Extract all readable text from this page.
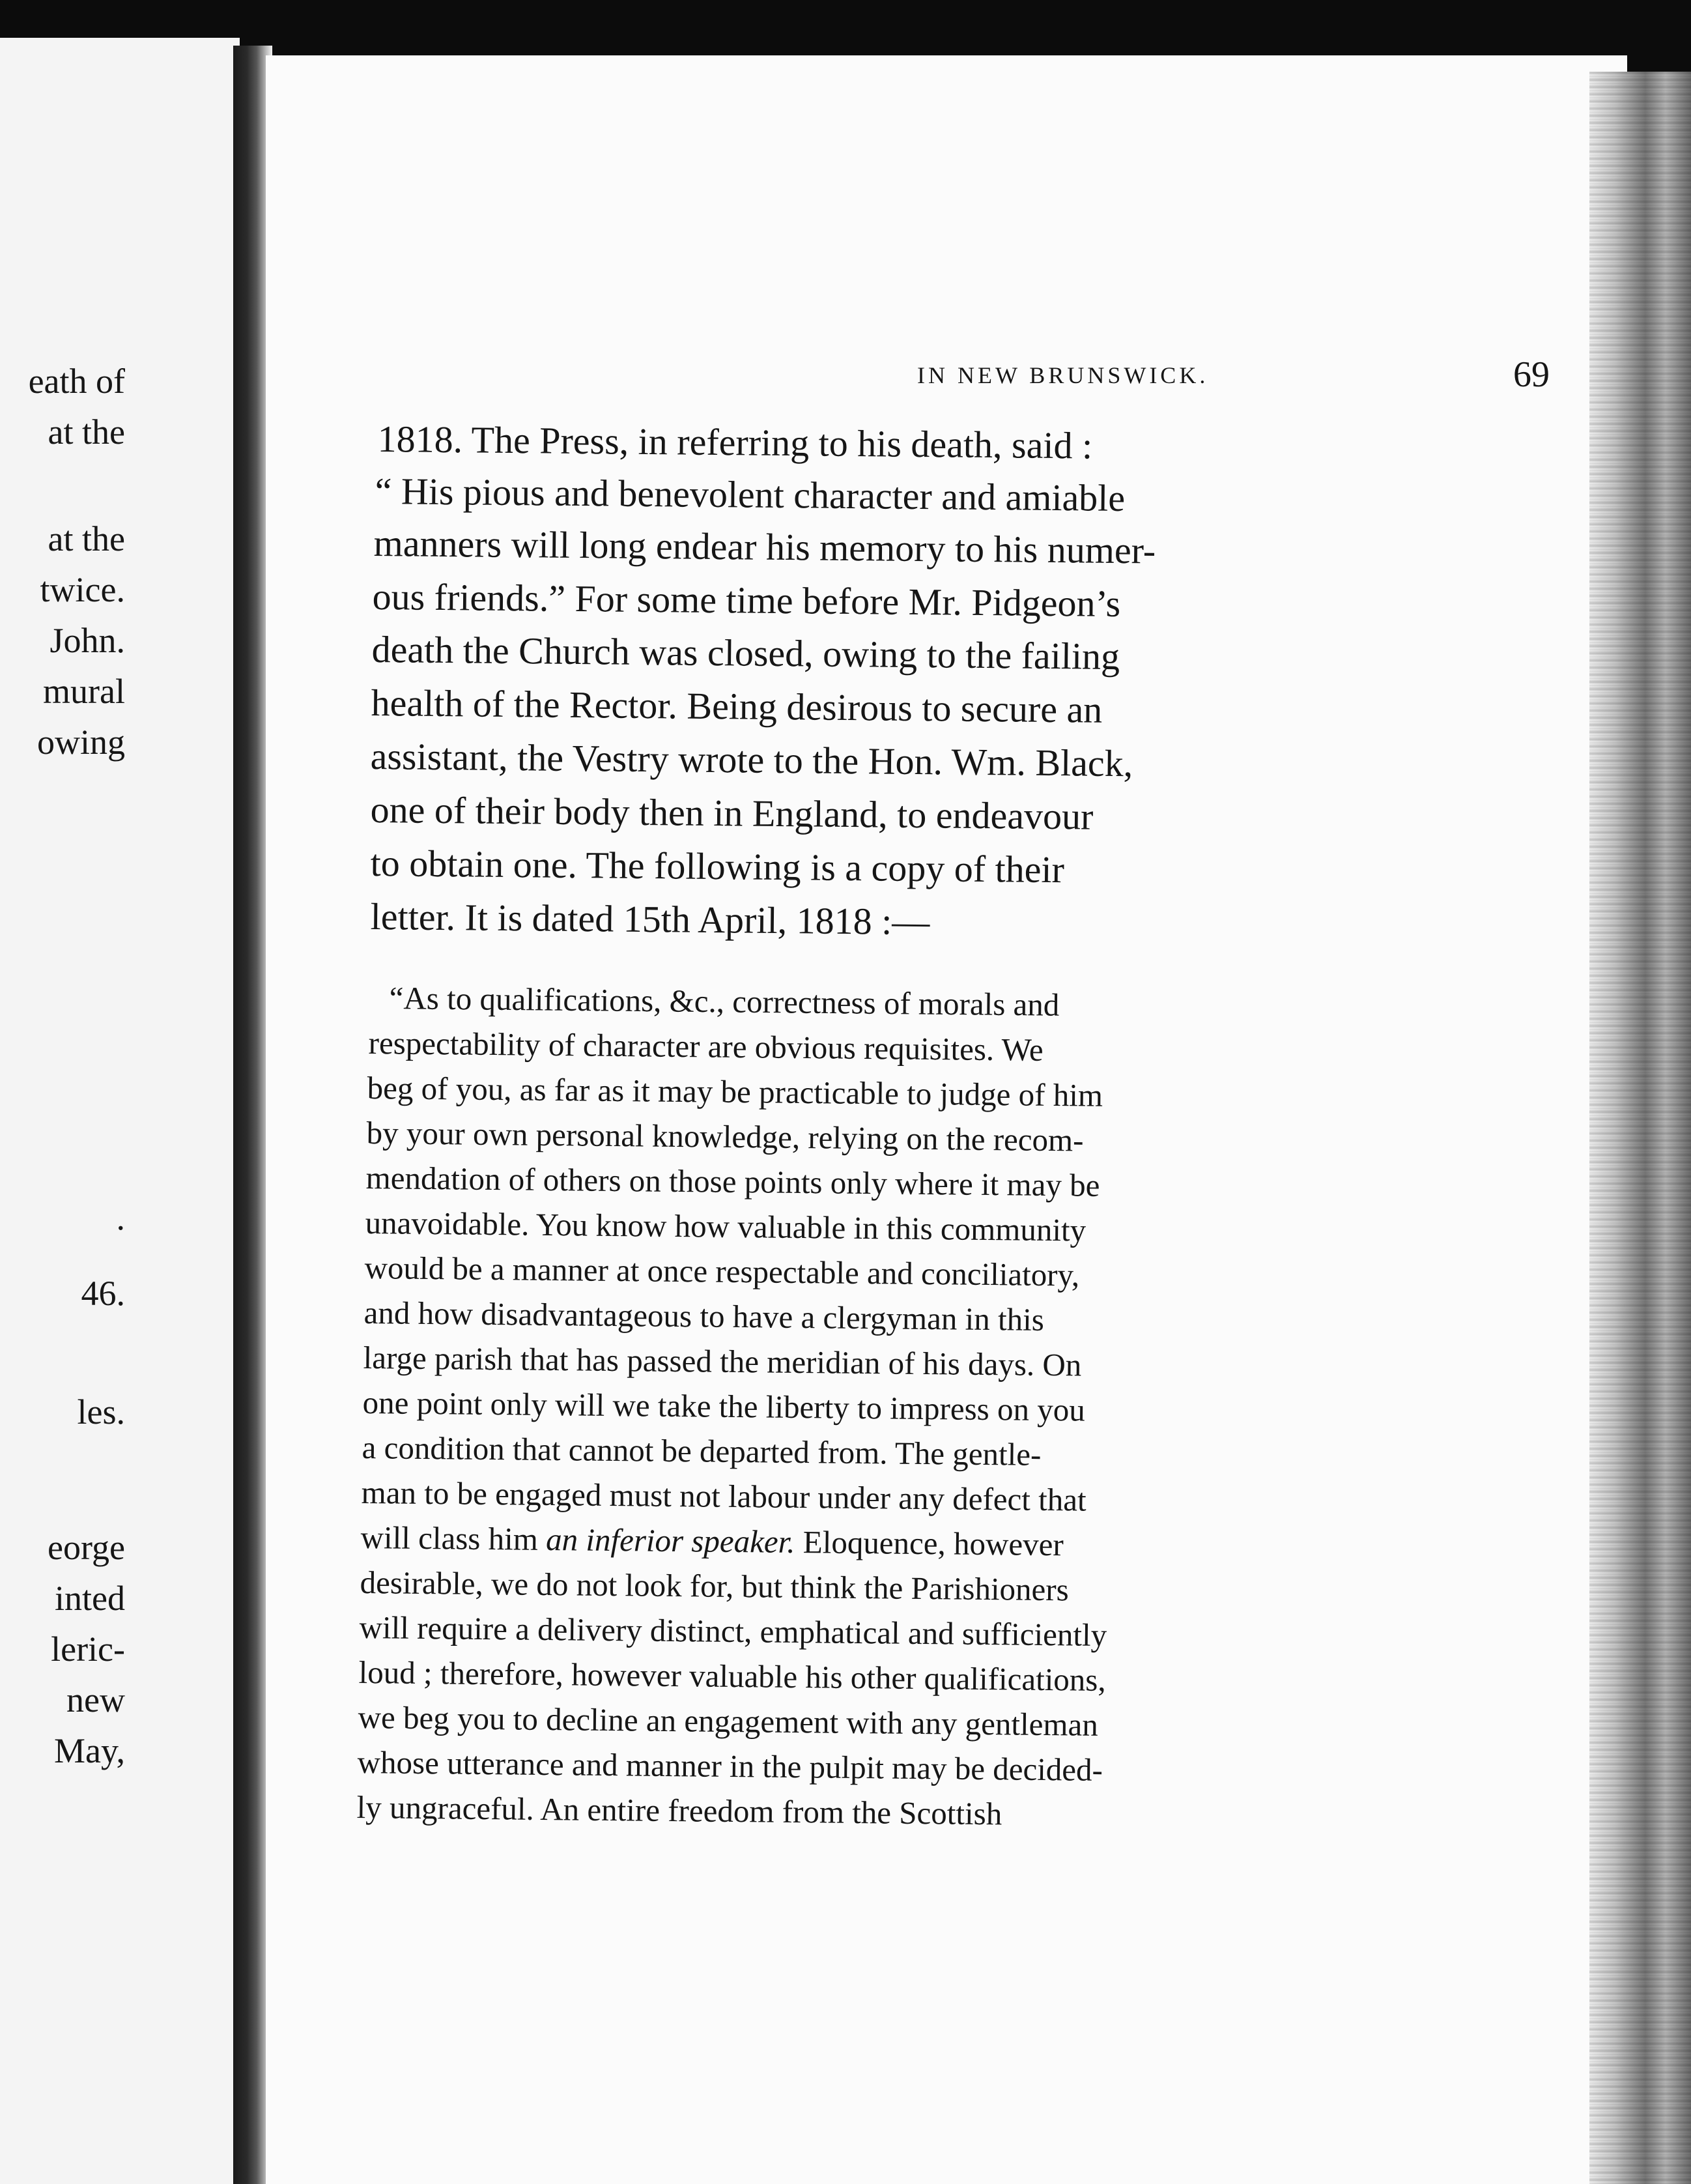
eath of
at the
at the
twice.
John.
mural
owing
.
46.
les.
eorge
inted
leric-
new
May,
IN NEW BRUNSWICK.	69
1818. The Press, in referring to his death, said :
“ His pious and benevolent character and amiable
manners will long endear his memory to his numer-
ous friends.” For some time before Mr. Pidgeon’s
death the Church was closed, owing to the failing
health of the Rector. Being desirous to secure an
assistant, the Vestry wrote to the Hon. Wm. Black,
one of their body then in England, to endeavour
to obtain one. The following is a copy of their
letter. It is dated 15th April, 1818 :—
“As to qualifications, &c., correctness of morals and
respectability of character are obvious requisites. We
beg of you, as far as it may be practicable to judge of him
by your own personal knowledge, relying on the recom-
mendation of others on those points only where it may be
unavoidable. You know how valuable in this community
would be a manner at once respectable and conciliatory,
and how disadvantageous to have a clergyman in this
large parish that has passed the meridian of his days. On
one point only will we take the liberty to impress on you
a condition that cannot be departed from. The gentle-
man to be engaged must not labour under any defect that
will class him an inferior speaker. Eloquence, however
desirable, we do not look for, but think the Parishioners
will require a delivery distinct, emphatical and sufficiently
loud ; therefore, however valuable his other qualifications,
we beg you to decline an engagement with any gentleman
whose utterance and manner in the pulpit may be decided-
ly ungraceful. An entire freedom from the Scottish
